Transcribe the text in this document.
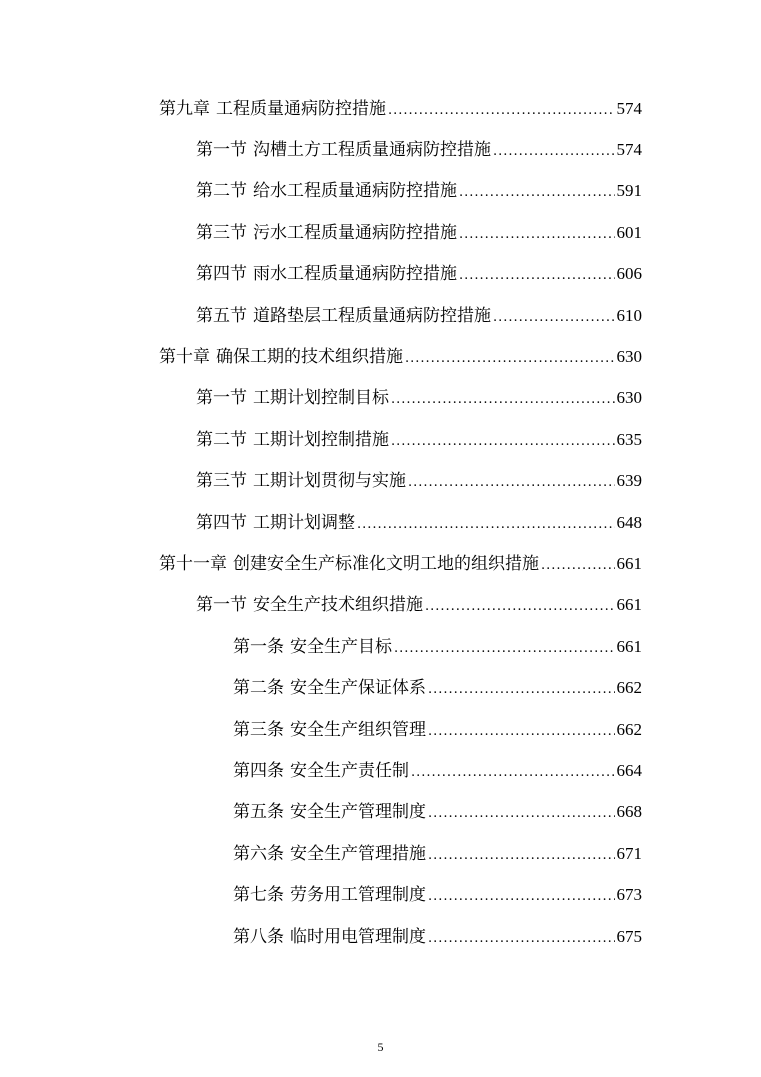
第九章 工程质量通病防控措施 .....	574
第一节 沟槽土方工程质量通病防控措施 .....	574
第二节 给水工程质量通病防控措施 .....	591
第三节 污水工程质量通病防控措施 .....	601
第四节 雨水工程质量通病防控措施 .....	606
第五节 道路垫层工程质量通病防控措施 .....	610
第十章 确保工期的技术组织措施 .....	630
第一节 工期计划控制目标 .....	630
第二节 工期计划控制措施 .....	635
第三节 工期计划贯彻与实施 .....	639
第四节 工期计划调整 .....	648
第十一章 创建安全生产标准化文明工地的组织措施 .....	661
第一节 安全生产技术组织措施 .....	661
第一条 安全生产目标 .....	661
第二条 安全生产保证体系 .....	662
第三条 安全生产组织管理 .....	662
第四条 安全生产责任制 .....	664
第五条 安全生产管理制度 .....	668
第六条 安全生产管理措施 .....	671
第七条 劳务用工管理制度 .....	673
第八条 临时用电管理制度 .....	675
5
